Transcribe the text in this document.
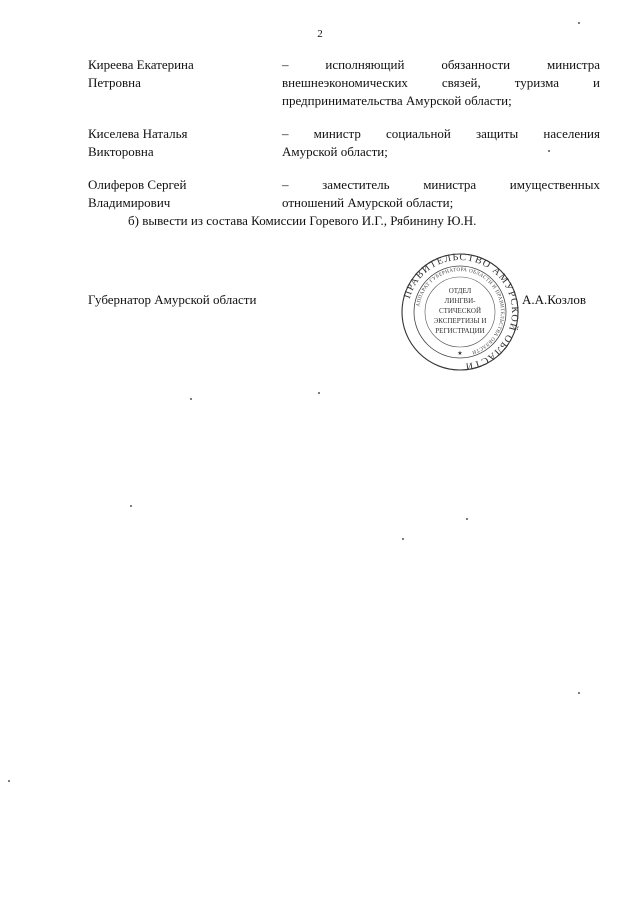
2
Киреева Екатерина
Петровна
– исполняющий обязанности министра
внешнеэкономических связей, туризма и
предпринимательства Амурской области;
Киселева Наталья
Викторовна
– министр социальной защиты населения
Амурской области;
Олиферов Сергей
Владимирович
– заместитель министра имущественных
отношений Амурской области;
б) вывести из состава Комиссии Горевого И.Г., Рябинину Ю.Н.
Губернатор Амурской области	А.А.Козлов
ПРАВИТЕЛЬСТВО АМУРСКОЙ ОБЛАСТИ
АППАРАТ ГУБЕРНАТОРА ОБЛАСТИ И ПРАВИТЕЛЬСТВА ОБЛАСТИ
ОТДЕЛ
ЛИНГВИ-
СТИЧЕСКОЙ
ЭКСПЕРТИЗЫ И
РЕГИСТРАЦИИ
★
